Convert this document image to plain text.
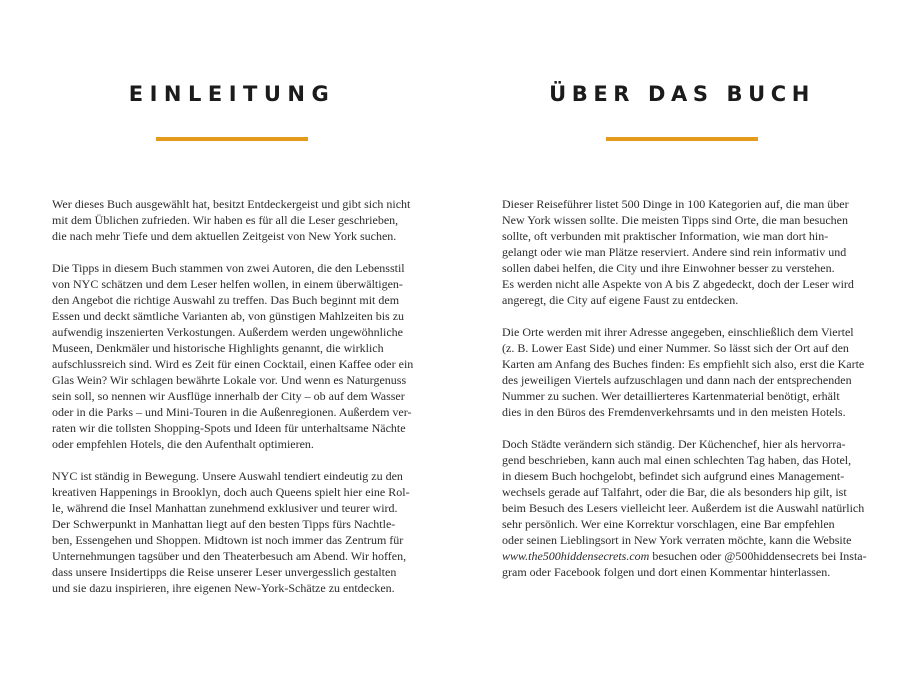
EINLEITUNG
Wer dieses Buch ausgewählt hat, besitzt Entdeckergeist und gibt sich nicht
mit dem Üblichen zufrieden. Wir haben es für all die Leser geschrieben,
die nach mehr Tiefe und dem aktuellen Zeitgeist von New York suchen.
Die Tipps in diesem Buch stammen von zwei Autoren, die den Lebensstil
von NYC schätzen und dem Leser helfen wollen, in einem überwältigen-
den Angebot die richtige Auswahl zu treffen. Das Buch beginnt mit dem
Essen und deckt sämtliche Varianten ab, von günstigen Mahlzeiten bis zu
aufwendig inszenierten Verkostungen. Außerdem werden ungewöhnliche
Museen, Denkmäler und historische Highlights genannt, die wirklich
aufschlussreich sind. Wird es Zeit für einen Cocktail, einen Kaffee oder ein
Glas Wein? Wir schlagen bewährte Lokale vor. Und wenn es Naturgenuss
sein soll, so nennen wir Ausflüge innerhalb der City – ob auf dem Wasser
oder in die Parks – und Mini-Touren in die Außenregionen. Außerdem ver-
raten wir die tollsten Shopping-Spots und Ideen für unterhaltsame Nächte
oder empfehlen Hotels, die den Aufenthalt optimieren.
NYC ist ständig in Bewegung. Unsere Auswahl tendiert eindeutig zu den
kreativen Happenings in Brooklyn, doch auch Queens spielt hier eine Rol-
le, während die Insel Manhattan zunehmend exklusiver und teurer wird.
Der Schwerpunkt in Manhattan liegt auf den besten Tipps fürs Nachtle-
ben, Essengehen und Shoppen. Midtown ist noch immer das Zentrum für
Unternehmungen tagsüber und den Theaterbesuch am Abend. Wir hoffen,
dass unsere Insidertipps die Reise unserer Leser unvergesslich gestalten
und sie dazu inspirieren, ihre eigenen New-York-Schätze zu entdecken.
ÜBER DAS BUCH
Dieser Reiseführer listet 500 Dinge in 100 Kategorien auf, die man über
New York wissen sollte. Die meisten Tipps sind Orte, die man besuchen
sollte, oft verbunden mit praktischer Information, wie man dort hin-
gelangt oder wie man Plätze reserviert. Andere sind rein informativ und
sollen dabei helfen, die City und ihre Einwohner besser zu verstehen.
Es werden nicht alle Aspekte von A bis Z abgedeckt, doch der Leser wird
angeregt, die City auf eigene Faust zu entdecken.
Die Orte werden mit ihrer Adresse angegeben, einschließlich dem Viertel
(z. B. Lower East Side) und einer Nummer. So lässt sich der Ort auf den
Karten am Anfang des Buches finden: Es empfiehlt sich also, erst die Karte
des jeweiligen Viertels aufzuschlagen und dann nach der entsprechenden
Nummer zu suchen. Wer detaillierteres Kartenmaterial benötigt, erhält
dies in den Büros des Fremdenverkehrsamts und in den meisten Hotels.
Doch Städte verändern sich ständig. Der Küchenchef, hier als hervorra-
gend beschrieben, kann auch mal einen schlechten Tag haben, das Hotel,
in diesem Buch hochgelobt, befindet sich aufgrund eines Management-
wechsels gerade auf Talfahrt, oder die Bar, die als besonders hip gilt, ist
beim Besuch des Lesers vielleicht leer. Außerdem ist die Auswahl natürlich
sehr persönlich. Wer eine Korrektur vorschlagen, eine Bar empfehlen
oder seinen Lieblingsort in New York verraten möchte, kann die Website
www.the500hiddensecrets.com besuchen oder @500hiddensecrets bei Insta-
gram oder Facebook folgen und dort einen Kommentar hinterlassen.
